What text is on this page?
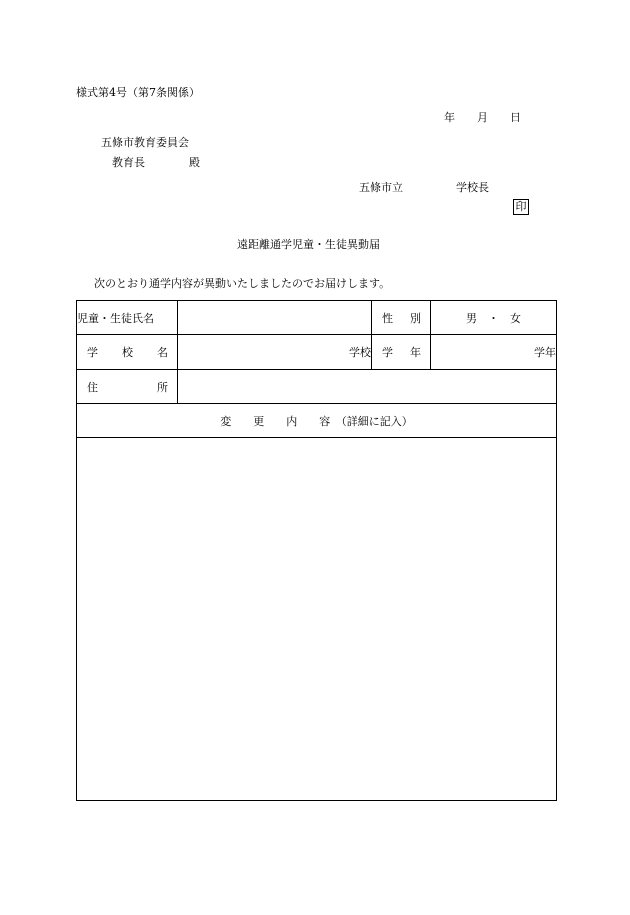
様式第4号（第7条関係）
年　　月　　日
五條市教育委員会
教育長　　　　殿
五條市立	学校長
印
遠距離通学児童・生徒異動届
次のとおり通学内容が異動いたしましたのでお届けします。
児童・生徒氏名		性 別	男　・　女

学 校 名	学校	学 年	学年

住 所			

変　　更　　内　　容　（詳細に記入）			
